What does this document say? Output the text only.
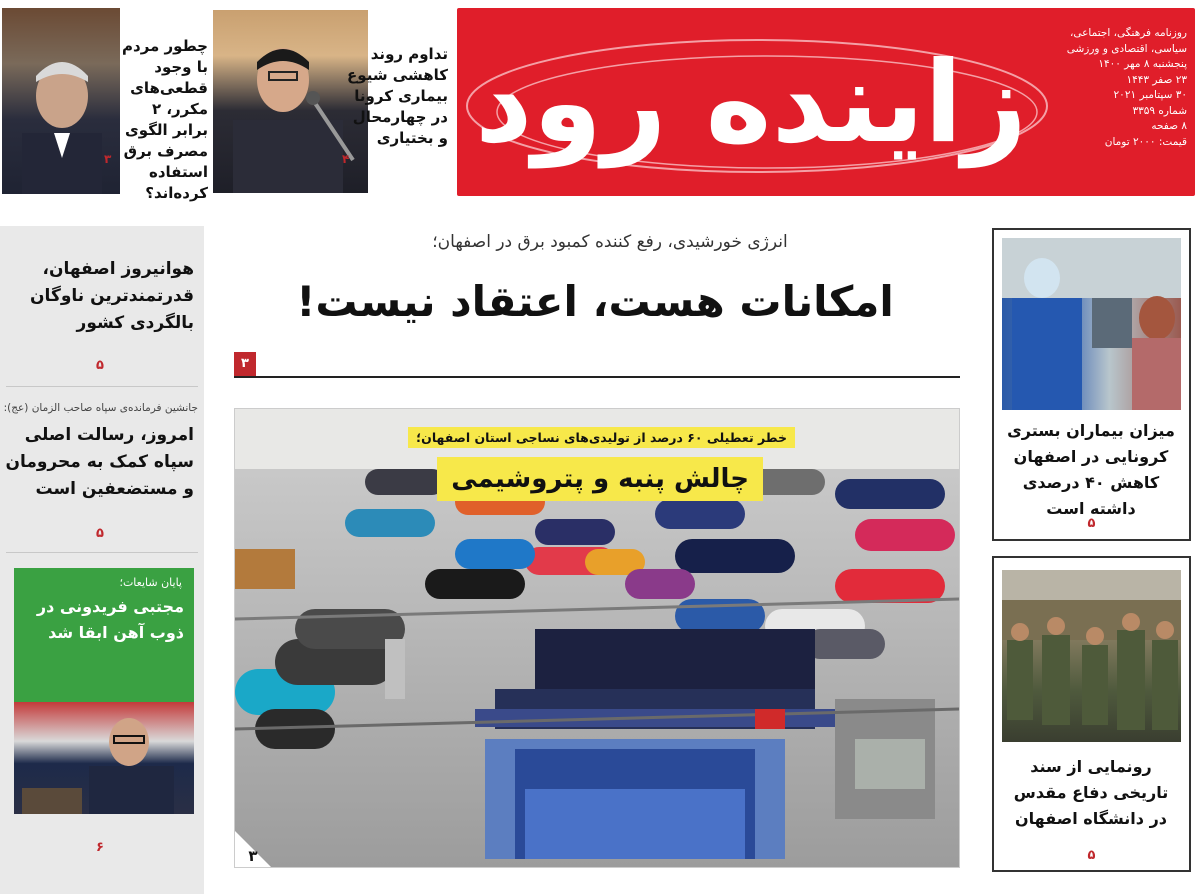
زاینده رود
روزنامه فرهنگی، اجتماعی،
سیاسی، اقتصادی و ورزشی
پنجشنبه ۸ مهر ۱۴۰۰
۲۳ صفر ۱۴۴۳
۳۰ سپتامبر ۲۰۲۱
شماره ۳۳۵۹
۸ صفحه
قیمت: ۲۰۰۰ تومان
چطور مردم با وجود قطعی‌های مکرر، ۲ برابر الگوی مصرف برق استفاده کرده‌اند؟
۳
تداوم روند کاهشی شیوع بیماری کرونا در چهارمحال و بختیاری
۴
هوانیروز اصفهان، قدرتمندترین ناوگان بالگردی کشور
۵
جانشین فرمانده‌ی سپاه صاحب الزمان (عج):
امروز، رسالت اصلی سپاه کمک به محرومان و مستضعفین است
۵
پایان شایعات؛
مجتبی فریدونی در ذوب آهن ابقا شد
۶
انرژی خورشیدی، رفع کننده کمبود برق در اصفهان؛
امکانات هست، اعتقاد نیست!
۳
خطر تعطیلی ۶۰ درصد از تولیدی‌های نساجی استان اصفهان؛
چالش پنبه و پتروشیمی
۳
میزان بیماران بستری کرونایی در اصفهان کاهش ۴۰ درصدی داشته است
۵
رونمایی از سند تاریخی دفاع مقدس در دانشگاه اصفهان
۵
